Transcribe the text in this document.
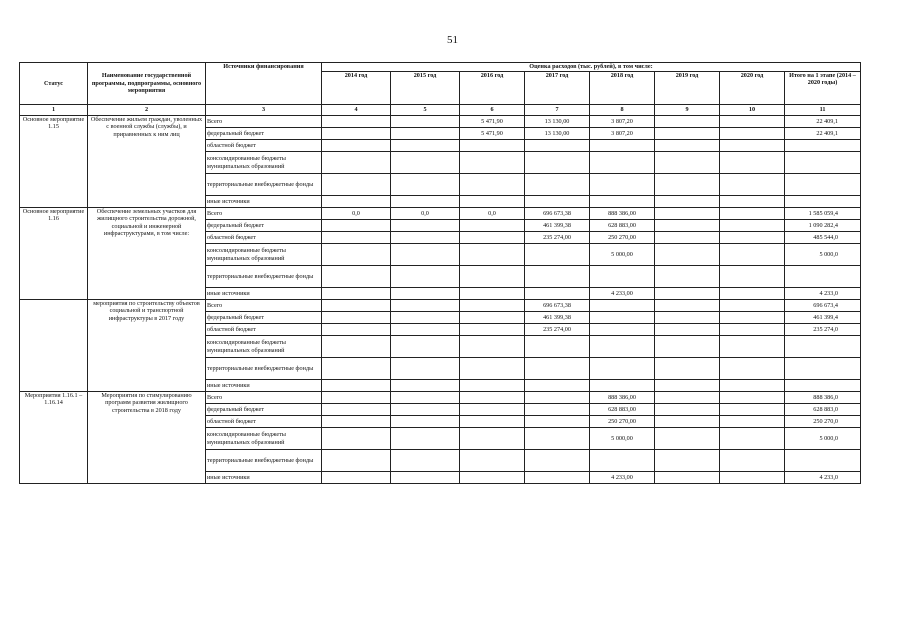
51
Статус	Наименование государственной программы, подпрограммы, основного мероприятия	Источники финансирования	Оценка расходов (тыс. рублей), в том числе:							
			2014 год	2015 год	2016 год	2017 год	2018 год	2019 год	2020 год	Итого на 1 этапе (2014 – 2020 годы)
1	2	3	4	5	6	7	8	9	10	11
Основное мероприятие 1.15	Обеспечение жильем граждан, уволенных с военной службы (службы), и приравненных к ним лиц	Всего			5 471,90	13 130,00	3 807,20			22 409,1
		федеральный бюджет			5 471,90	13 130,00	3 807,20			22 409,1
		областной бюджет								
		консолидированные бюджеты муниципальных образований								
		территориальные внебюджетные фонды								
		иные источники								
Основное мероприятие 1.16	Обеспечение земельных участков для жилищного строительства дорожной, социальной и инженерной инфраструктурами, в том числе:	Всего	0,0	0,0	0,0	696 673,38	888 386,00			1 585 059,4
		федеральный бюджет				461 399,38	628 883,00			1 090 282,4
		областной бюджет				235 274,00	250 270,00			485 544,0
		консолидированные бюджеты муниципальных образований					5 000,00			5 000,0
		территориальные внебюджетные фонды								
		иные источники					4 233,00			4 233,0
	мероприятия по строительству объектов социальной и транспортной инфраструктуры в 2017 году	Всего				696 673,38				696 673,4
		федеральный бюджет				461 399,38				461 399,4
		областной бюджет				235 274,00				235 274,0
		консолидированные бюджеты муниципальных образований								
		территориальные внебюджетные фонды								
		иные источники								
Мероприятия 1.16.1 – 1.16.14	Мероприятия по стимулированию программ развития жилищного строительства в 2018 году	Всего					888 386,00			888 386,0
		федеральный бюджет					628 883,00			628 883,0
		областной бюджет					250 270,00			250 270,0
		консолидированные бюджеты муниципальных образований					5 000,00			5 000,0
		территориальные внебюджетные фонды								
		иные источники					4 233,00			4 233,0
